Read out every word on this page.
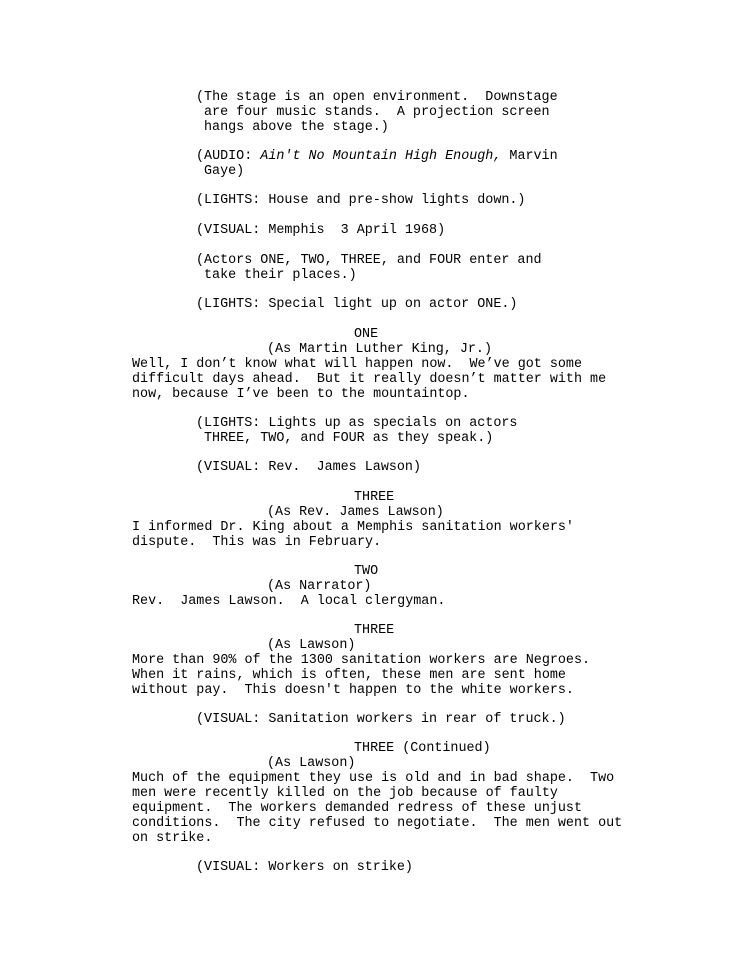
(The stage is an open environment.  Downstage
are four music stands.  A projection screen
hangs above the stage.)
(AUDIO: Ain't No Mountain High Enough, Marvin
Gaye)
(LIGHTS: House and pre-show lights down.)
(VISUAL: Memphis  3 April 1968)
(Actors ONE, TWO, THREE, and FOUR enter and
take their places.)
(LIGHTS: Special light up on actor ONE.)
ONE
(As Martin Luther King, Jr.)
Well, I don’t know what will happen now.  We’ve got some
difficult days ahead.  But it really doesn’t matter with me
now, because I’ve been to the mountaintop.
(LIGHTS: Lights up as specials on actors
THREE, TWO, and FOUR as they speak.)
(VISUAL: Rev.  James Lawson)
THREE
(As Rev. James Lawson)
I informed Dr. King about a Memphis sanitation workers'
dispute.  This was in February.
TWO
(As Narrator)
Rev.  James Lawson.  A local clergyman.
THREE
(As Lawson)
More than 90% of the 1300 sanitation workers are Negroes.
When it rains, which is often, these men are sent home
without pay.  This doesn't happen to the white workers.
(VISUAL: Sanitation workers in rear of truck.)
THREE (Continued)
(As Lawson)
Much of the equipment they use is old and in bad shape.  Two
men were recently killed on the job because of faulty
equipment.  The workers demanded redress of these unjust
conditions.  The city refused to negotiate.  The men went out
on strike.
(VISUAL: Workers on strike)
